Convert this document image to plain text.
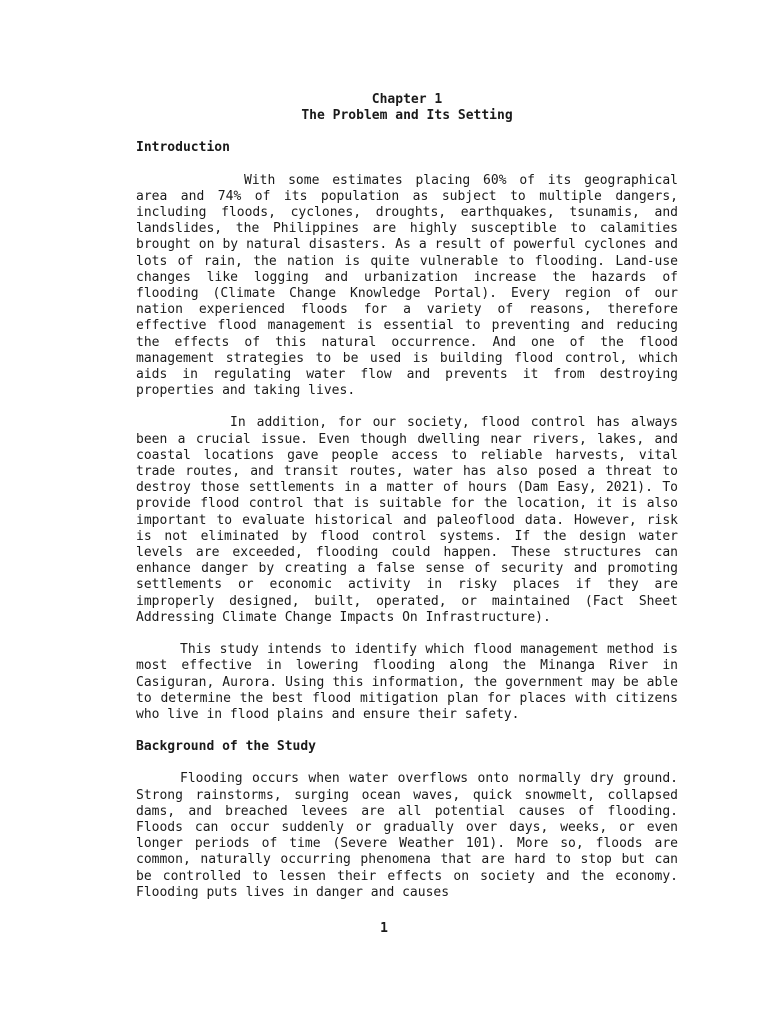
Chapter 1
The Problem and Its Setting
Introduction

With some estimates placing 60% of its geographical area and 74% of its population as subject to multiple dangers, including floods, cyclones, droughts, earthquakes, tsunamis, and landslides, the Philippines are highly susceptible to calamities brought on by natural disasters. As a result of powerful cyclones and lots of rain, the nation is quite vulnerable to flooding. Land-use changes like logging and urbanization increase the hazards of flooding (Climate Change Knowledge Portal). Every region of our nation experienced floods for a variety of reasons, therefore effective flood management is essential to preventing and reducing the effects of this natural occurrence. And one of the flood management strategies to be used is building flood control, which aids in regulating water flow and prevents it from destroying properties and taking lives.

In addition, for our society, flood control has always been a crucial issue. Even though dwelling near rivers, lakes, and coastal locations gave people access to reliable harvests, vital trade routes, and transit routes, water has also posed a threat to destroy those settlements in a matter of hours (Dam Easy, 2021). To provide flood control that is suitable for the location, it is also important to evaluate historical and paleoflood data. However, risk is not eliminated by flood control systems. If the design water levels are exceeded, flooding could happen. These structures can enhance danger by creating a false sense of security and promoting settlements or economic activity in risky places if they are improperly designed, built, operated, or maintained (Fact Sheet Addressing Climate Change Impacts On Infrastructure).

This study intends to identify which flood management method is most effective in lowering flooding along the Minanga River in Casiguran, Aurora. Using this information, the government may be able to determine the best flood mitigation plan for places with citizens who live in flood plains and ensure their safety.

Background of the Study

Flooding occurs when water overflows onto normally dry ground. Strong rainstorms, surging ocean waves, quick snowmelt, collapsed dams, and breached levees are all potential causes of flooding. Floods can occur suddenly or gradually over days, weeks, or even longer periods of time (Severe Weather 101). More so, floods are common, naturally occurring phenomena that are hard to stop but can be controlled to lessen their effects on society and the economy. Flooding puts lives in danger and causes

1
